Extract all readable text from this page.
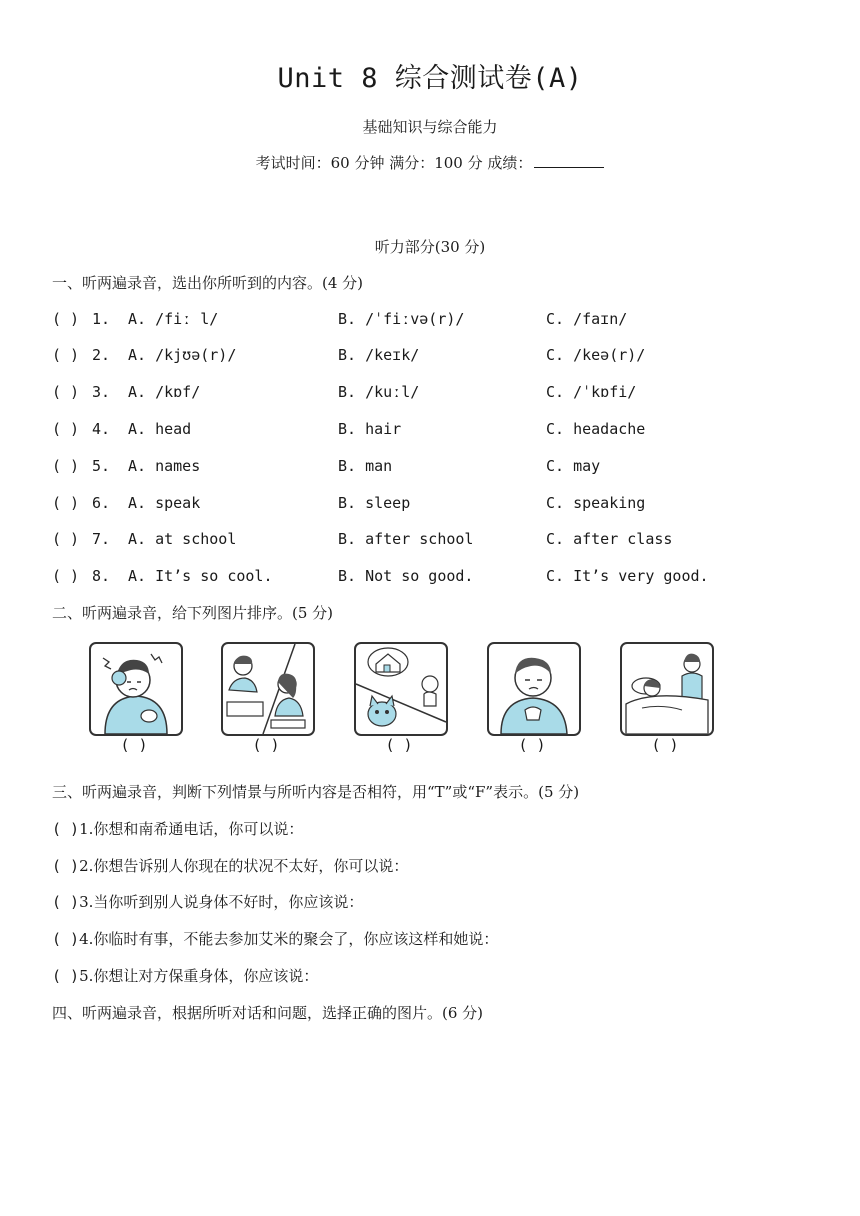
Unit 8 综合测试卷(A)
基础知识与综合能力
考试时间：60 分钟 满分：100 分 成绩：
听力部分(30 分)
一、听两遍录音，选出你所听到的内容。(4 分)
( ) 1. A. /fiː l/	B. /ˈfiːvə(r)/	C. /faɪn/
( ) 2. A. /kjʊə(r)/	B. /keɪk/	C. /keə(r)/
( ) 3. A. /kɒf/	B. /kuːl/	C. /ˈkɒfi/
( ) 4. A. head	B. hair	C. headache
( ) 5. A. names	B. man	C. may
( ) 6. A. speak	B. sleep	C. speaking
( ) 7. A. at school	B. after school	C. after class
( ) 8. A. It’s so cool.	B. Not so good.	C. It’s very good.
二、听两遍录音，给下列图片排序。(5 分)
( )	( )	( )	( )	( )
三、听两遍录音，判断下列情景与所听内容是否相符，用“T”或“F”表示。(5 分)
( )1.你想和南希通电话，你可以说：
( )2.你想告诉别人你现在的状况不太好，你可以说：
( )3.当你听到别人说身体不好时，你应该说：
( )4.你临时有事，不能去参加艾米的聚会了，你应该这样和她说：
( )5.你想让对方保重身体，你应该说：
四、听两遍录音，根据所听对话和问题，选择正确的图片。(6 分)
